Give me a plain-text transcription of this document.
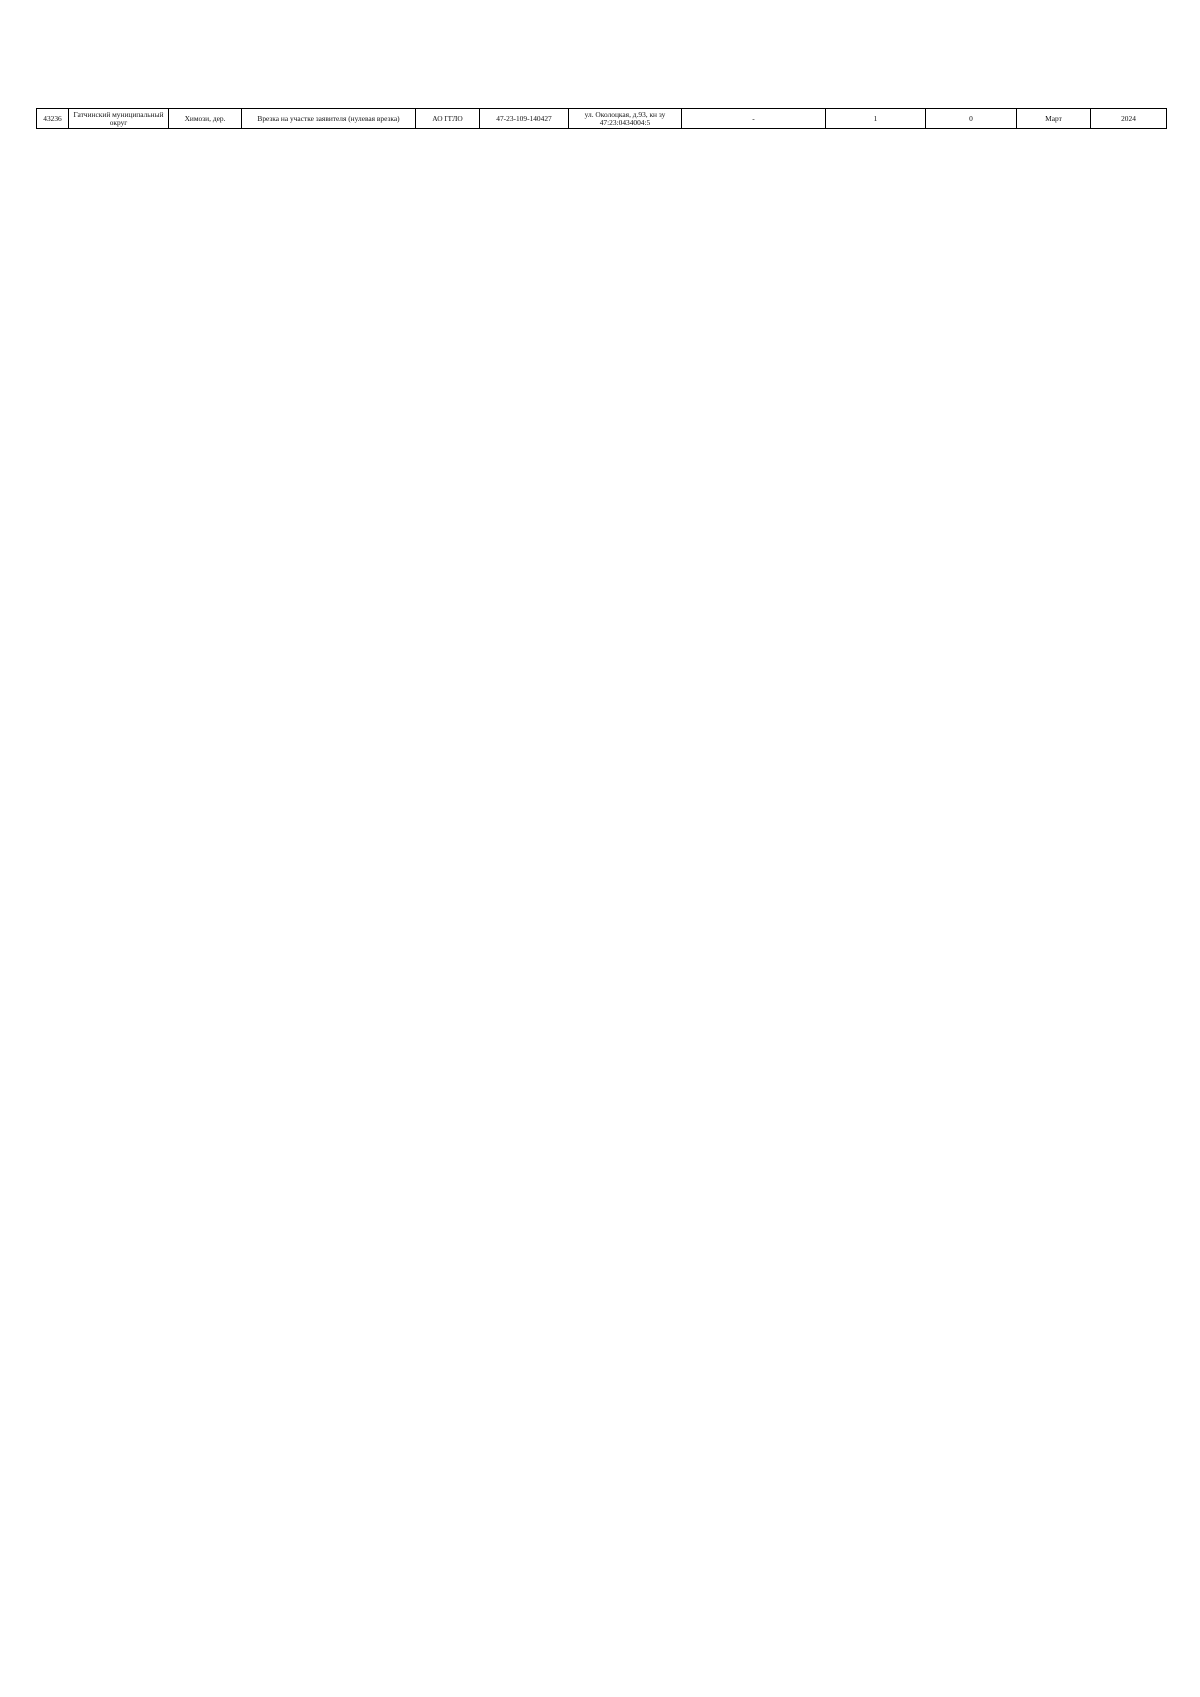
43236	Гатчинский муниципальный округ	Химози, дер.	Врезка на участке заявителя (нулевая врезка)	АО ГГЛО	47-23-109-140427	ул. Околоцкая, д.93, кн зу 47:23:0434004:5	-	1	0	Март	2024
